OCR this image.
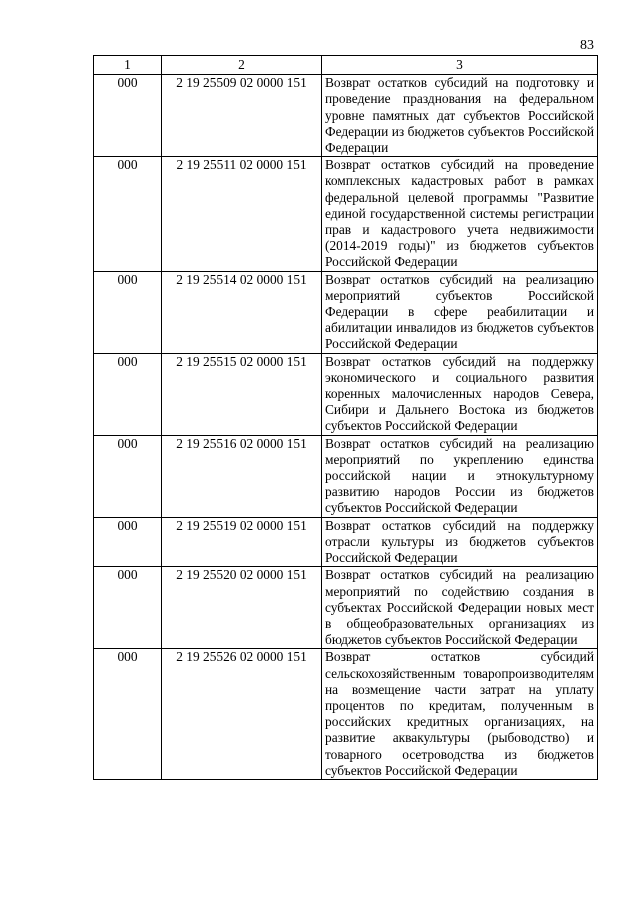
83
1	2	3
000	2 19 25509 02 0000 151	Возврат остатков субсидий на подготовку и проведение празднования на федеральном уровне памятных дат субъектов Российской Федерации из бюджетов субъектов Российской Федерации
000	2 19 25511 02 0000 151	Возврат остатков субсидий на проведение комплексных кадастровых работ в рамках федеральной целевой программы "Развитие единой государственной системы регистрации прав и кадастрового учета недвижимости (2014-2019 годы)" из бюджетов субъектов Российской Федерации
000	2 19 25514 02 0000 151	Возврат остатков субсидий на реализацию мероприятий субъектов Российской Федерации в сфере реабилитации и абилитации инвалидов из бюджетов субъектов Российской Федерации
000	2 19 25515 02 0000 151	Возврат остатков субсидий на поддержку экономического и социального развития коренных малочисленных народов Севера, Сибири и Дальнего Востока из бюджетов субъектов Российской Федерации
000	2 19 25516 02 0000 151	Возврат остатков субсидий на реализацию мероприятий по укреплению единства российской нации и этнокультурному развитию народов России из бюджетов субъектов Российской Федерации
000	2 19 25519 02 0000 151	Возврат остатков субсидий на поддержку отрасли культуры из бюджетов субъектов Российской Федерации
000	2 19 25520 02 0000 151	Возврат остатков субсидий на реализацию мероприятий по содействию создания в субъектах Российской Федерации новых мест в общеобразовательных организациях из бюджетов субъектов Российской Федерации
000	2 19 25526 02 0000 151	Возврат остатков субсидий сельскохозяйственным товаропроизводителям на возмещение части затрат на уплату процентов по кредитам, полученным в российских кредитных организациях, на развитие аквакультуры (рыбоводство) и товарного осетроводства из бюджетов субъектов Российской Федерации
